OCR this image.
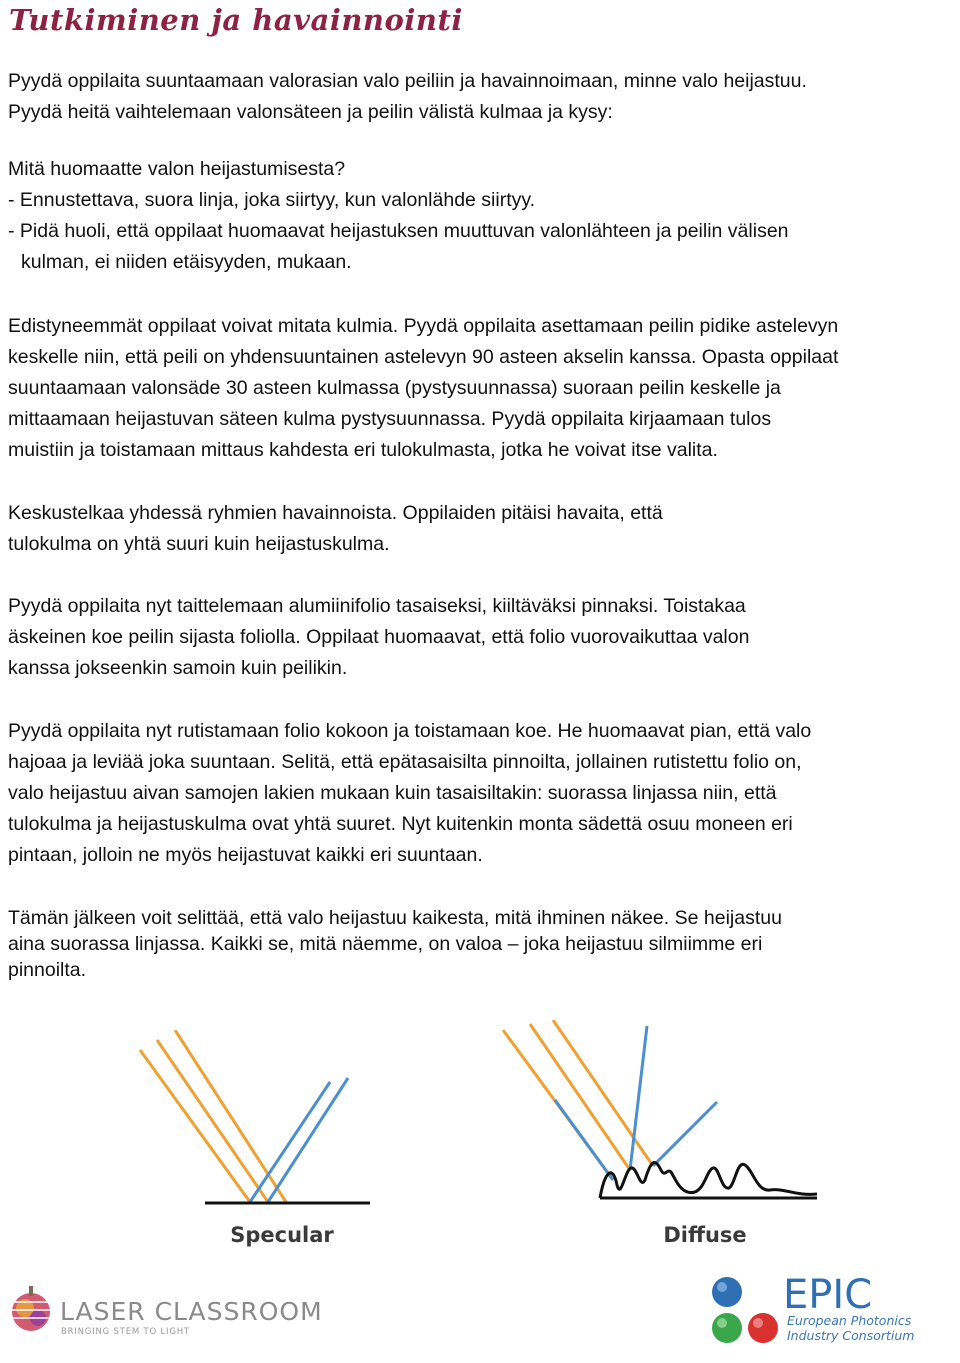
Tutkiminen ja havainnointi

Pyydä oppilaita suuntaamaan valorasian valo peiliin ja havainnoimaan, minne valo heijastuu.

Pyydä heitä vaihtelemaan valonsäteen ja peilin välistä kulmaa ja kysy:

Mitä huomaatte valon heijastumisesta?

- Ennustettava, suora linja, joka siirtyy, kun valonlähde siirtyy.

- Pidä huoli, että oppilaat huomaavat heijastuksen muuttuvan valonlähteen ja peilin välisen

kulman, ei niiden etäisyyden, mukaan.

Edistyneemmät oppilaat voivat mitata kulmia. Pyydä oppilaita asettamaan peilin pidike astelevyn

keskelle niin, että peili on yhdensuuntainen astelevyn 90 asteen akselin kanssa. Opasta oppilaat

suuntaamaan valonsäde 30 asteen kulmassa (pystysuunnassa) suoraan peilin keskelle ja

mittaamaan heijastuvan säteen kulma pystysuunnassa. Pyydä oppilaita kirjaamaan tulos

muistiin ja toistamaan mittaus kahdesta eri tulokulmasta, jotka he voivat itse valita.

Keskustelkaa yhdessä ryhmien havainnoista. Oppilaiden pitäisi havaita, että

tulokulma on yhtä suuri kuin heijastuskulma.

Pyydä oppilaita nyt taittelemaan alumiinifolio tasaiseksi, kiiltäväksi pinnaksi. Toistakaa

äskeinen koe peilin sijasta foliolla. Oppilaat huomaavat, että folio vuorovaikuttaa valon

kanssa jokseenkin samoin kuin peilikin.

Pyydä oppilaita nyt rutistamaan folio kokoon ja toistamaan koe. He huomaavat pian, että valo

hajoaa ja leviää joka suuntaan. Selitä, että epätasaisilta pinnoilta, jollainen rutistettu folio on,

valo heijastuu aivan samojen lakien mukaan kuin tasaisiltakin: suorassa linjassa niin, että

tulokulma ja heijastuskulma ovat yhtä suuret. Nyt kuitenkin monta sädettä osuu moneen eri

pintaan, jolloin ne myös heijastuvat kaikki eri suuntaan.

Tämän jälkeen voit selittää, että valo heijastuu kaikesta, mitä ihminen näkee. Se heijastuu

aina suorassa linjassa. Kaikki se, mitä näemme, on valoa – joka heijastuu silmiimme eri

pinnoilta.

Specular	Diffuse
LASER CLASSROOM
BRINGING STEM TO LIGHT
EPIC
European Photonics
Industry Consortium
